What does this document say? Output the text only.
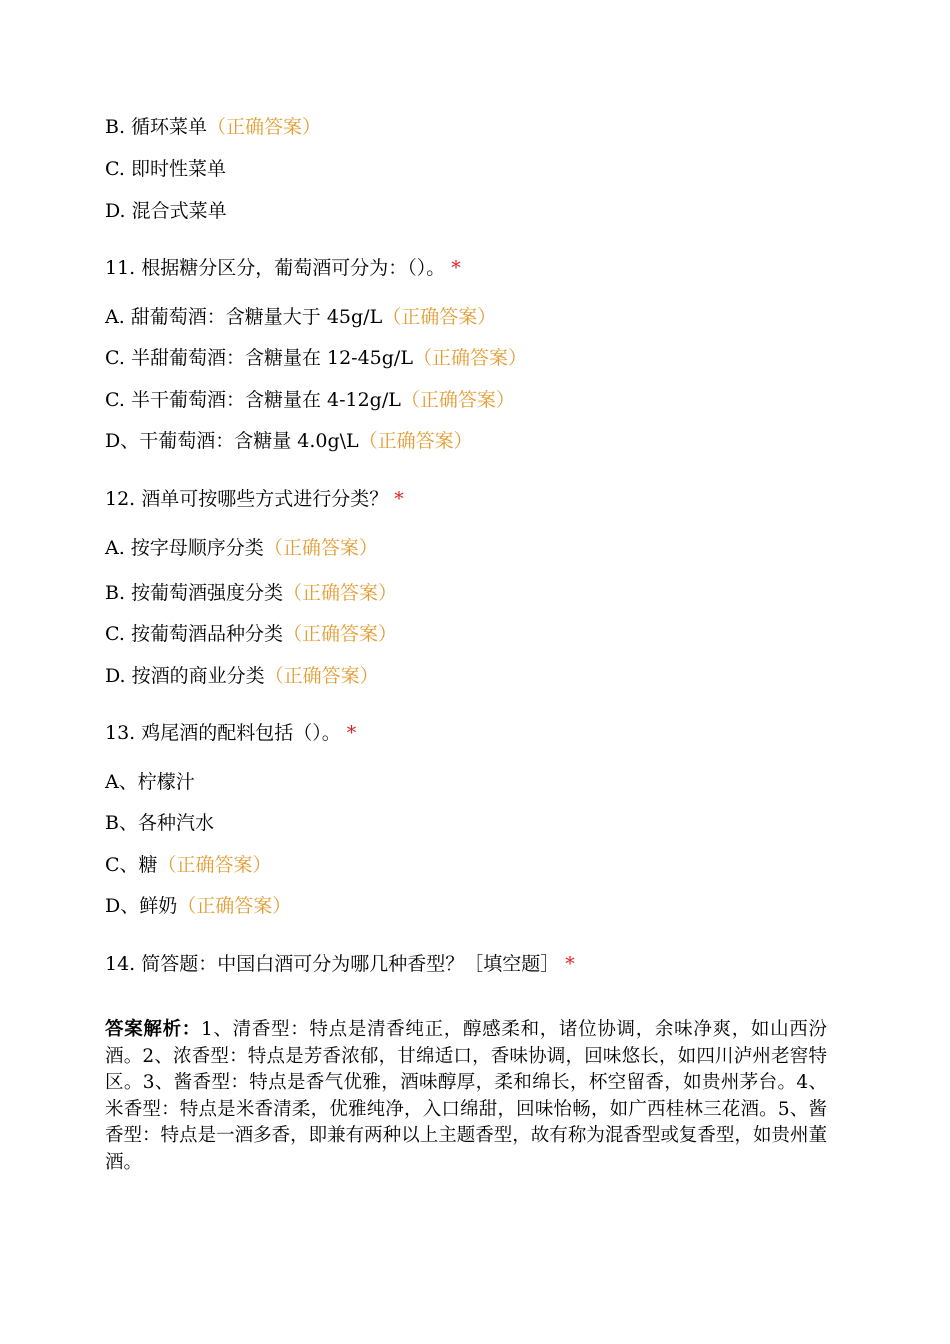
B. 循环菜单（正确答案）
C. 即时性菜单
D. 混合式菜单
11. 根据糖分区分，葡萄酒可分为：（）。 *
A. 甜葡萄酒：含糖量大于 45g/L（正确答案）
C. 半甜葡萄酒：含糖量在 12-45g/L（正确答案）
C. 半干葡萄酒：含糖量在 4-12g/L（正确答案）
D、干葡萄酒：含糖量 4.0g\L（正确答案）
12. 酒单可按哪些方式进行分类？ *
A. 按字母顺序分类（正确答案）
B. 按葡萄酒强度分类（正确答案）
C. 按葡萄酒品种分类（正确答案）
D. 按酒的商业分类（正确答案）
13. 鸡尾酒的配料包括（）。 *
A、柠檬汁
B、各种汽水
C、糖（正确答案）
D、鲜奶（正确答案）
14. 简答题：中国白酒可分为哪几种香型？［填空题］ *
答案解析：1、清香型：特点是清香纯正，醇感柔和，诸位协调，余味净爽，如山西汾酒。2、浓香型：特点是芳香浓郁，甘绵适口，香味协调，回味悠长，如四川泸州老窖特区。3、酱香型：特点是香气优雅，酒味醇厚，柔和绵长，杯空留香，如贵州茅台。4、米香型：特点是米香清柔，优雅纯净，入口绵甜，回味怡畅，如广西桂林三花酒。5、酱香型：特点是一酒多香，即兼有两种以上主题香型，故有称为混香型或复香型，如贵州董酒。
